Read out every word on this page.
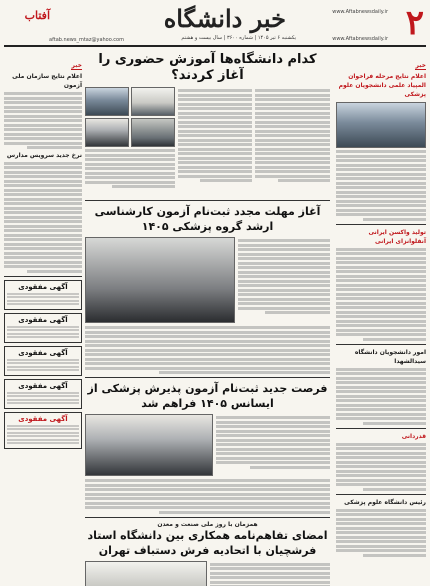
۲
خبر دانشگاه	www.Aftabnewsdaily.ir
یکشنبه ۶ تیر ۱۴۰۵ | شماره ۳۶۰۰ | سال بیست و هشتم	www.Aftabnewsdaily.ir
aftab.news_mtaz@yahoo.com
آفتاب
خبر
اعلام نتایج مرحله فراخوان المپیاد علمی دانشجویان علوم پزشکی
تولید واکسن ایرانی آنفلوانزای ایرانی
امور دانشجویان دانشگاه سیدالشهدا
قدردانی
رئیس دانشگاه علوم پزشکی
کدام دانشگاه‌ها آموزش حضوری را آغاز کردند؟
آغاز مهلت مجدد ثبت‌نام آزمون کارشناسی ارشد گروه پزشکی ۱۴۰۵
فرصت جدید ثبت‌نام آزمون پذیرش پزشکی از ایسانس ۱۴۰۵ فراهم شد
همزمان با روز ملی صنعت و معدن
امضای تفاهم‌نامه همکاری بین دانشگاه استاد فرشچیان با اتحادیه فرش دستباف تهران
خبر
اعلام نتایج سازمان ملی آزمون
نرخ جدید سرویس مدارس
آگهی مفقودی
آگهی مفقودی
آگهی مفقودی
آگهی مفقودی
آگهی مفقودی
